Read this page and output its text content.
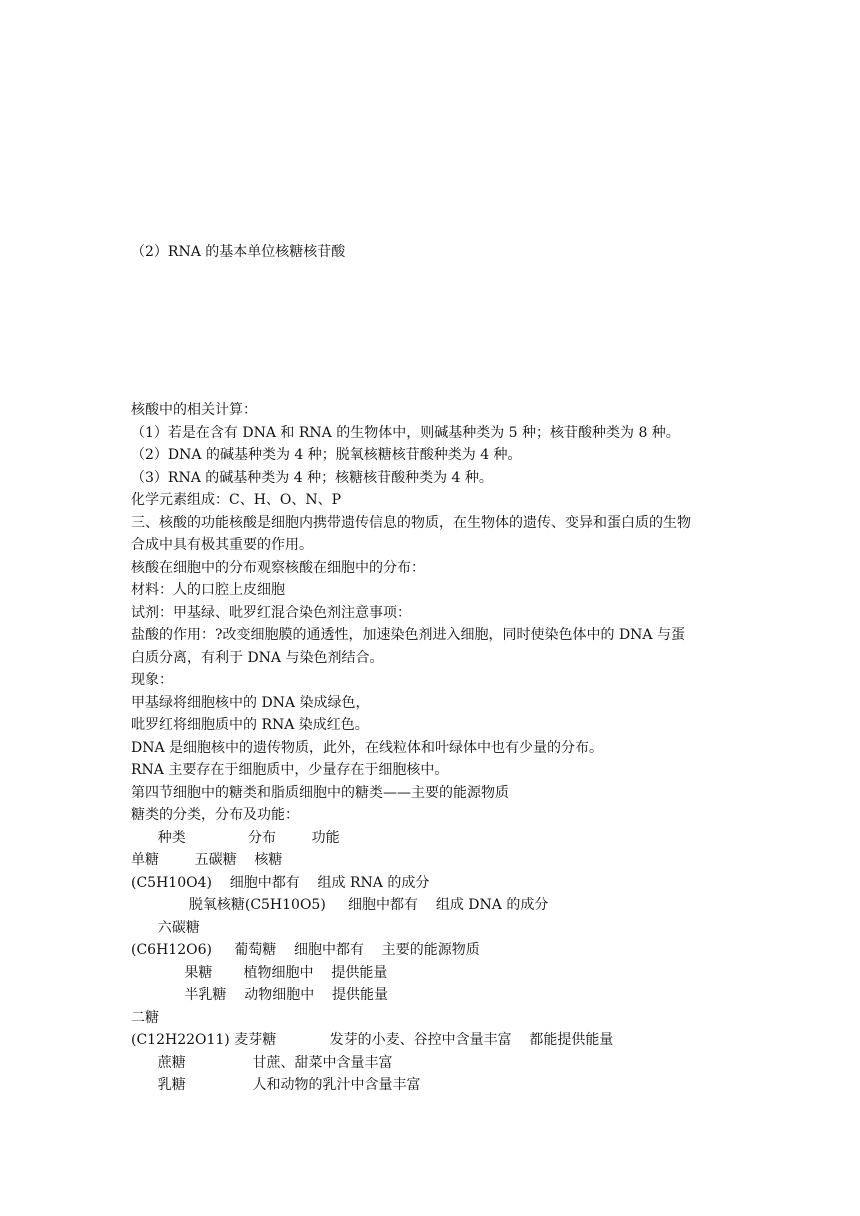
（2）RNA 的基本单位核糖核苷酸

核酸中的相关计算：

（1）若是在含有 DNA 和 RNA 的生物体中，则碱基种类为 5 种；核苷酸种类为 8 种。

（2）DNA 的碱基种类为 4 种；脱氧核糖核苷酸种类为 4 种。

（3）RNA 的碱基种类为 4 种；核糖核苷酸种类为 4 种。

化学元素组成：C、H、O、N、P

三、核酸的功能核酸是细胞内携带遗传信息的物质，在生物体的遗传、变异和蛋白质的生物

合成中具有极其重要的作用。

核酸在细胞中的分布观察核酸在细胞中的分布：

材料：人的口腔上皮细胞

试剂：甲基绿、吡罗红混合染色剂注意事项：

盐酸的作用：?改变细胞膜的通透性，加速染色剂进入细胞，同时使染色体中的 DNA 与蛋

白质分离，有利于 DNA 与染色剂结合。

现象：

甲基绿将细胞核中的 DNA 染成绿色，

吡罗红将细胞质中的 RNA 染成红色。

DNA 是细胞核中的遗传物质，此外，在线粒体和叶绿体中也有少量的分布。

RNA 主要存在于细胞质中，少量存在于细胞核中。

第四节细胞中的糖类和脂质细胞中的糖类——主要的能源物质

糖类的分类，分布及功能：

种类              分布        功能

单糖        五碳糖    核糖

(C5H10O4)    细胞中都有    组成 RNA 的成分

脱氧核糖(C5H10O5)     细胞中都有    组成 DNA 的成分

六碳糖

(C6H12O6)     葡萄糖    细胞中都有    主要的能源物质

果糖       植物细胞中    提供能量

半乳糖    动物细胞中    提供能量

二糖

(C12H22O11) 麦芽糖            发芽的小麦、谷控中含量丰富    都能提供能量

蔗糖               甘蔗、甜菜中含量丰富

乳糖               人和动物的乳汁中含量丰富
